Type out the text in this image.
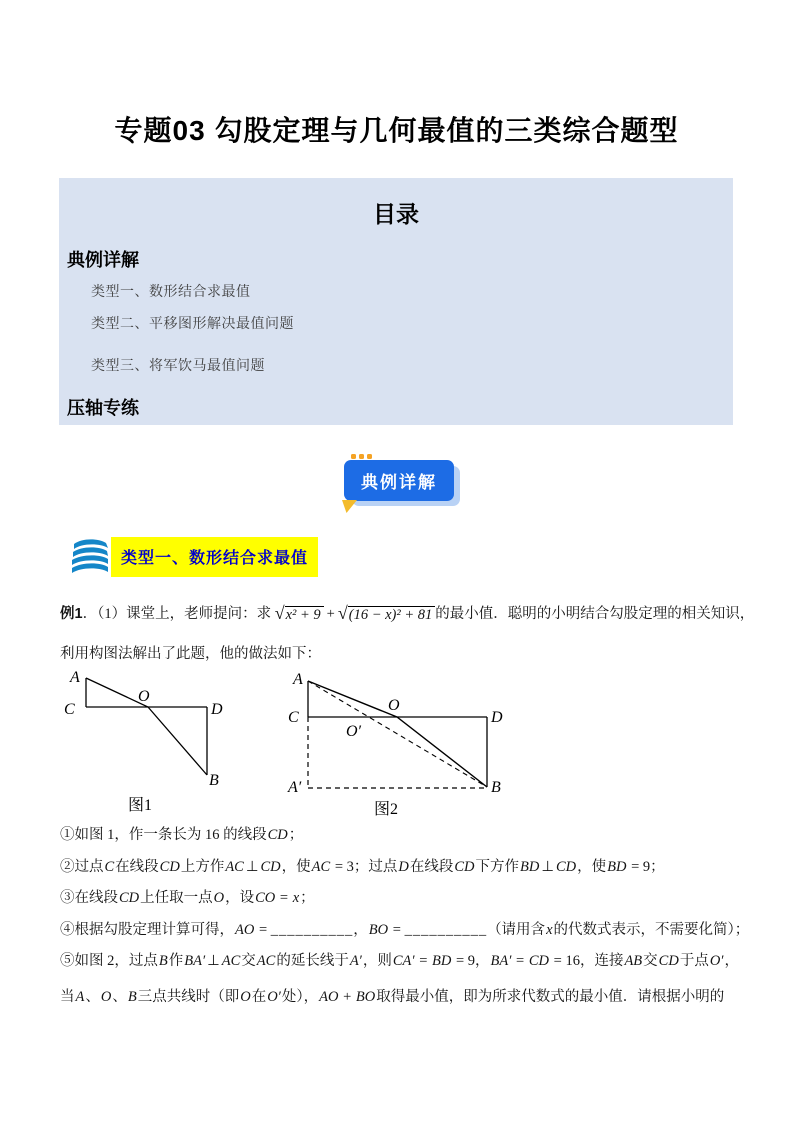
专题03 勾股定理与几何最值的三类综合题型
目录
典例详解
类型一、数形结合求最值
类型二、平移图形解决最值问题
类型三、将军饮马最值问题
压轴专练
典例详解
类型一、数形结合求最值

例1．（1）课堂上，老师提问：求 √x² + 9 + √(16 − x)² + 81 的最小值．聪明的小明结合勾股定理的相关知识，

利用构图法解出了此题，他的做法如下：

A
C
O
D
B
图1
A
C
O
O′
D
A′	B
图2
①如图 1，作一条长为 16 的线段CD；
②过点C在线段CD上方作AC ⊥ CD，使AC = 3；过点D在线段CD下方作BD ⊥ CD，使BD = 9；
③在线段CD上任取一点O，设CO = x；
④根据勾股定理计算可得，AO = __________，BO = __________（请用含x的代数式表示，不需要化简）；
⑤如图 2，过点B作BA′ ⊥ AC交AC的延长线于A′，则CA′ = BD = 9，BA′ = CD = 16，连接AB交CD于点O′，
当A、O、B三点共线时（即O在O′处），AO + BO取得最小值，即为所求代数式的最小值．请根据小明的
